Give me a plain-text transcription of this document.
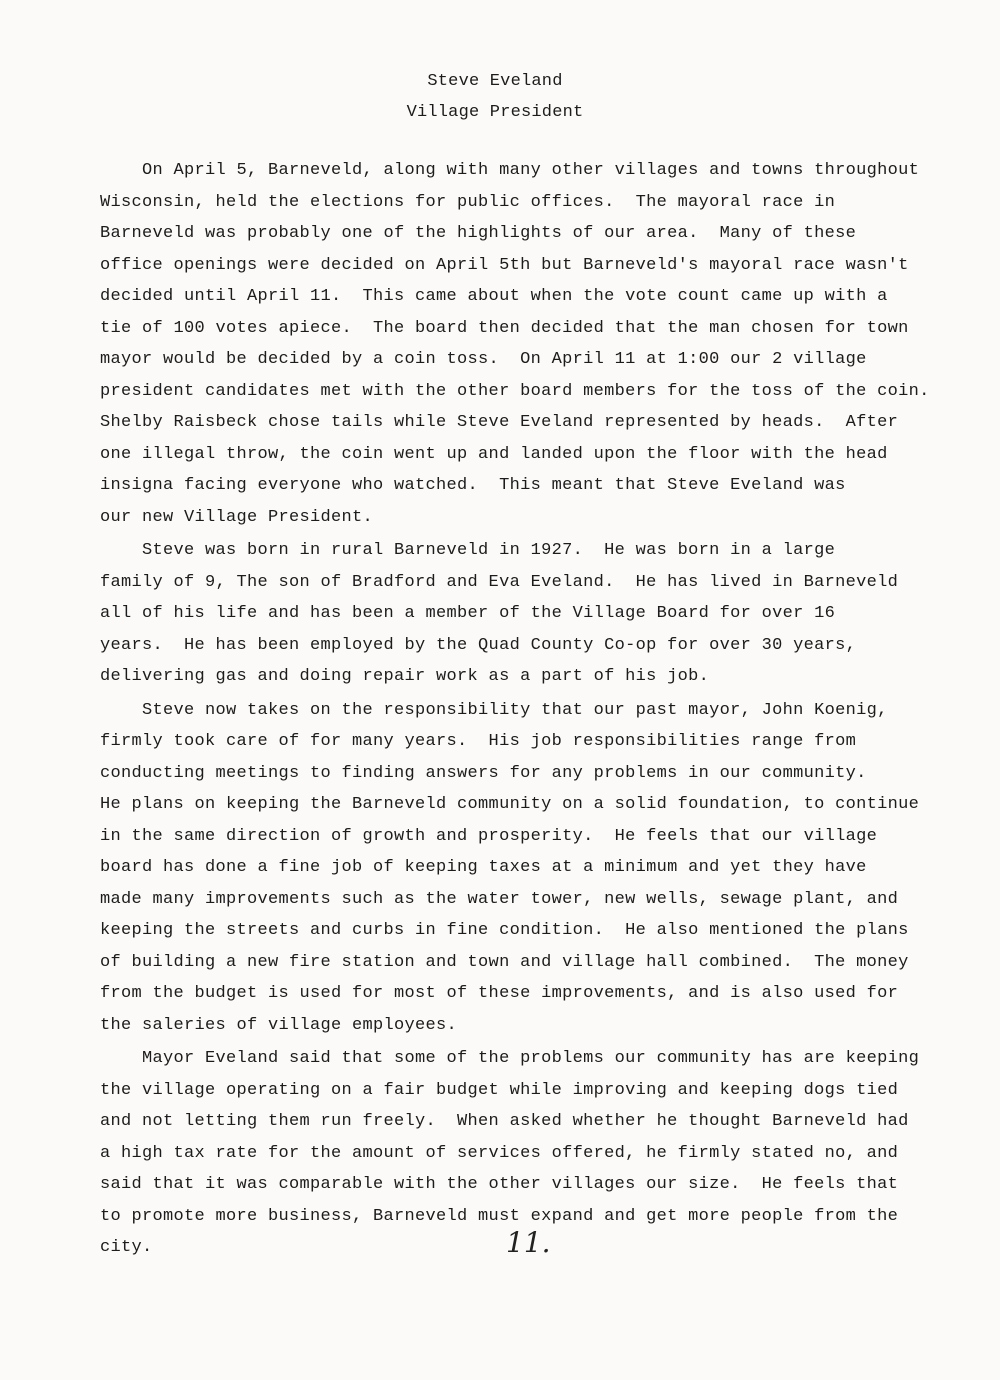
Steve Eveland
Village President

On April 5, Barneveld, along with many other villages and towns throughout
Wisconsin, held the elections for public offices.  The mayoral race in
Barneveld was probably one of the highlights of our area.  Many of these
office openings were decided on April 5th but Barneveld's mayoral race wasn't
decided until April 11.  This came about when the vote count came up with a
tie of 100 votes apiece.  The board then decided that the man chosen for town
mayor would be decided by a coin toss.  On April 11 at 1:00 our 2 village
president candidates met with the other board members for the toss of the coin.
Shelby Raisbeck chose tails while Steve Eveland represented by heads.  After
one illegal throw, the coin went up and landed upon the floor with the head
insigna facing everyone who watched.  This meant that Steve Eveland was
our new Village President.

Steve was born in rural Barneveld in 1927.  He was born in a large
family of 9, The son of Bradford and Eva Eveland.  He has lived in Barneveld
all of his life and has been a member of the Village Board for over 16
years.  He has been employed by the Quad County Co-op for over 30 years,
delivering gas and doing repair work as a part of his job.

Steve now takes on the responsibility that our past mayor, John Koenig,
firmly took care of for many years.  His job responsibilities range from
conducting meetings to finding answers for any problems in our community.
He plans on keeping the Barneveld community on a solid foundation, to continue
in the same direction of growth and prosperity.  He feels that our village
board has done a fine job of keeping taxes at a minimum and yet they have
made many improvements such as the water tower, new wells, sewage plant, and
keeping the streets and curbs in fine condition.  He also mentioned the plans
of building a new fire station and town and village hall combined.  The money
from the budget is used for most of these improvements, and is also used for
the saleries of village employees.

Mayor Eveland said that some of the problems our community has are keeping
the village operating on a fair budget while improving and keeping dogs tied
and not letting them run freely.  When asked whether he thought Barneveld had
a high tax rate for the amount of services offered, he firmly stated no, and
said that it was comparable with the other villages our size.  He feels that
to promote more business, Barneveld must expand and get more people from the
city.	11.
